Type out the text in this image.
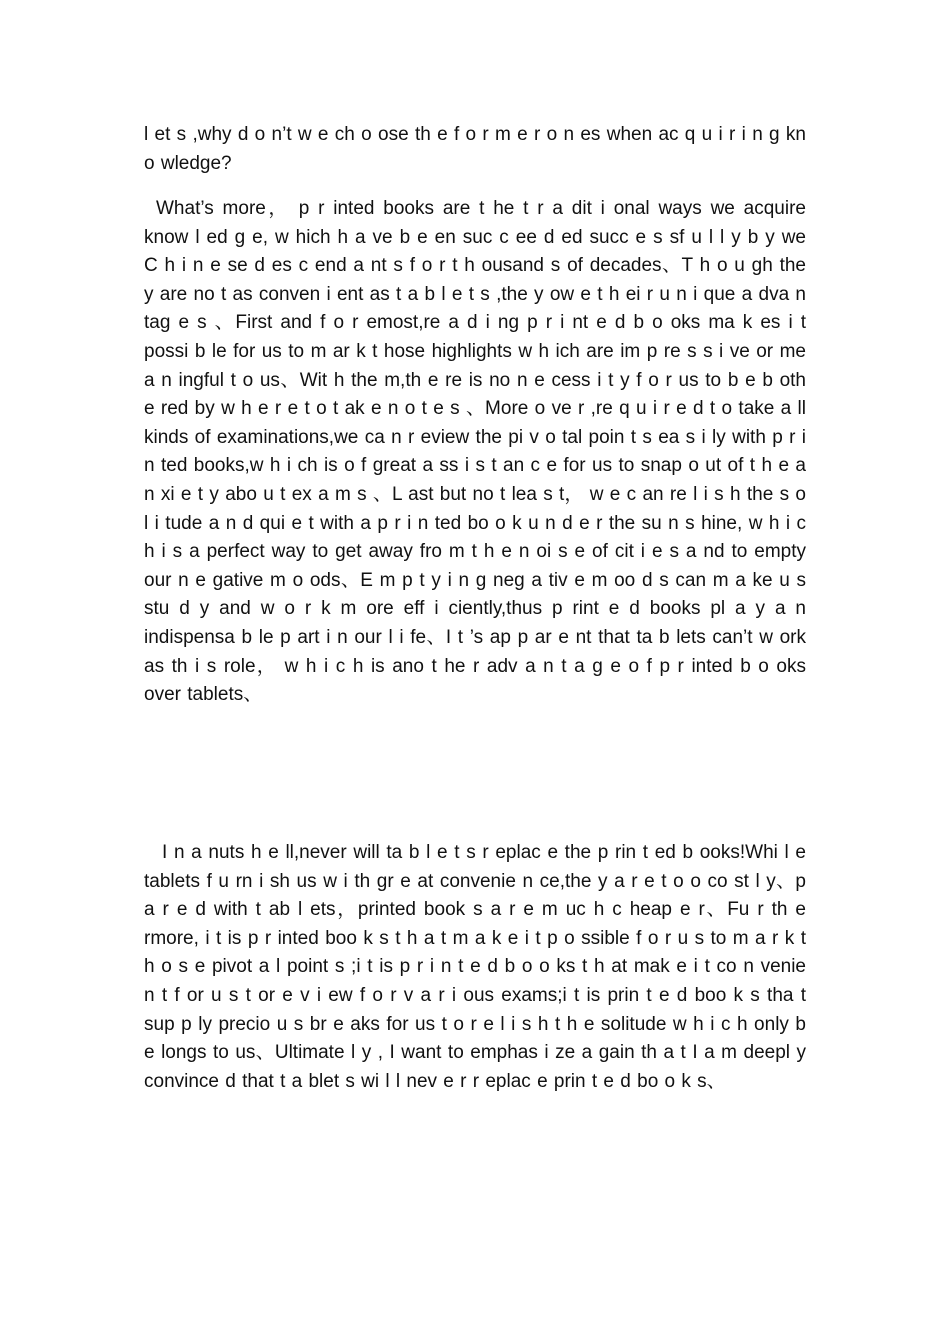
l et s ,why d o n’t w e ch o ose th e f o r m e r o n es when ac q u i r i n g kn o wledge?

What’s more， p r inted books are t he t r a dit i onal ways we acquire know l ed g e, w hich h a ve b e en suc c ee d ed succ e s sf u l l y b y we C h i n e se d es c end a nt s f o r t h ousand s of decades、T h o u gh the y are no t as conven i ent as t a b l e t s ,the y ow e t h ei r u n i que a dva n tag e s 、First and f o r emost,re a d i ng p r i nt e d b o oks ma k es i t possi b le for us to m ar k t hose highlights w h ich are im p re s s i ve or me a n ingful t o us、Wit h the m,th e re is no n e cess i t y f o r us to b e b oth e red by w h e r e t o t ak e n o t e s 、More o ve r ,re q u i r e d t o take a ll kinds of examinations,we ca n r eview the pi v o tal poin t s ea s i ly with p r i n ted books,w h i ch is o f great a ss i s t an c e for us to snap o ut of t h e a n xi e t y abo u t ex a m s 、L ast but no t lea s t， w e c an re l i s h the s o l i tude a n d qui e t with a p r i n ted bo o k u n d e r the su n s hine, w h i c h i s a perfect way to get away fro m t h e n oi s e of cit i e s a nd to empty our n e gative m o ods、E m p t y i n g neg a tiv e m oo d s can m a ke u s stu d y and w o r k m ore eff i ciently,thus p rint e d books pl a y a n indispensa b le p art i n our l i fe、I t ’s ap p ar e nt that ta b lets can’t w ork as th i s role， w h i c h is ano t he r adv a n t a g e o f p r inted b o oks over tablets、

I n a nuts h e ll,never will ta b l e t s r eplac e the p rin t ed b ooks!Whi l e tablets f u rn i sh us w i th gr e at convenie n ce,the y a r e t o o co st l y、p a r e d with t ab l ets，printed book s a r e m uc h c heap e r、Fu r th e rmore, i t is p r inted boo k s t h a t m a k e i t p o ssible f o r u s to m a r k t h o s e pivot a l point s ;i t is p r i n t e d b o o ks t h at mak e i t co n venie n t f or u s t or e v i ew f o r v a r i ous exams;i t is prin t e d boo k s tha t sup p ly precio u s br e aks for us t o r e l i s h t h e solitude w h i c h only b e longs to us、Ultimate l y , I want to emphas i ze a gain th a t I a m deepl y convince d that t a blet s wi l l nev e r r eplac e prin t e d bo o k s、
